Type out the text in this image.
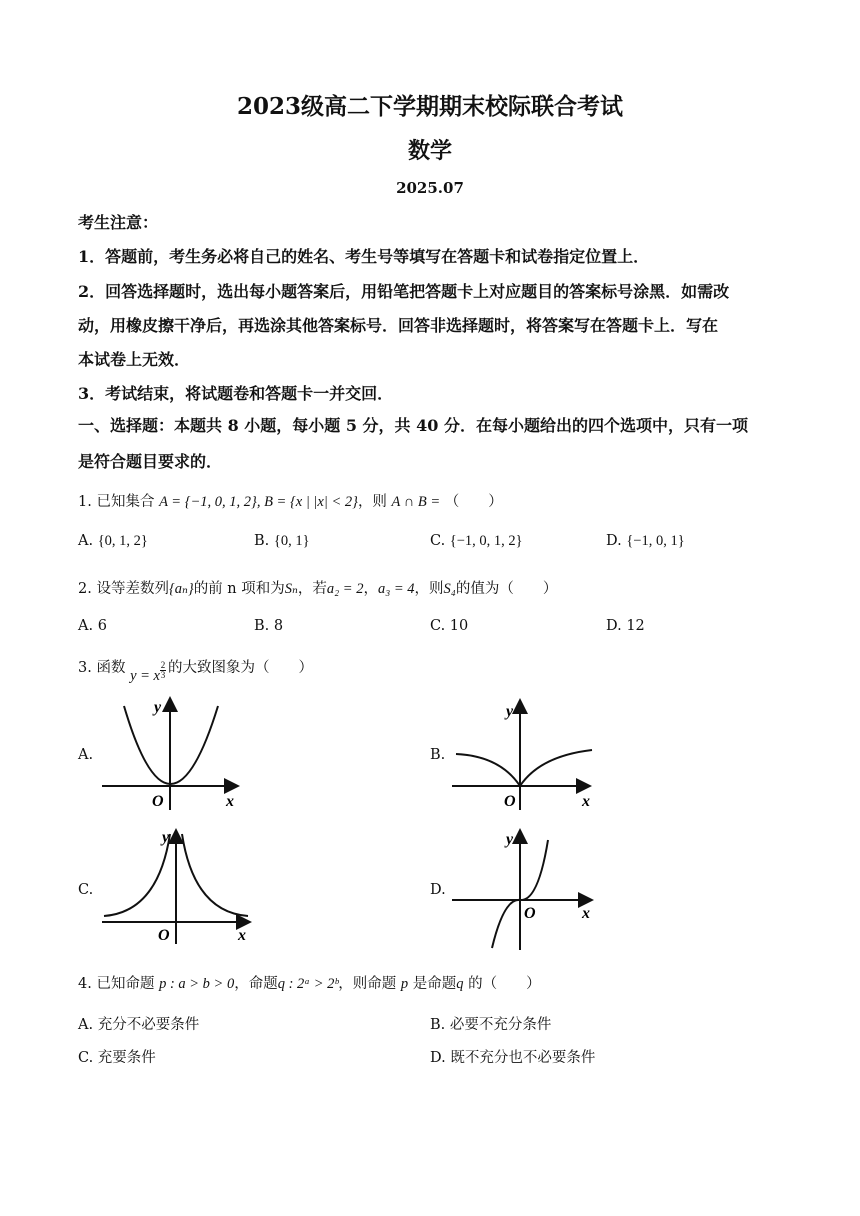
2023级高二下学期期末校际联合考试
数学
2025.07
考生注意：
1．答题前，考生务必将自己的姓名、考生号等填写在答题卡和试卷指定位置上．
2．回答选择题时，选出每小题答案后，用铅笔把答题卡上对应题目的答案标号涂黑．如需改
动，用橡皮擦干净后，再选涂其他答案标号．回答非选择题时，将答案写在答题卡上．写在
本试卷上无效．
3．考试结束，将试题卷和答题卡一并交回．
一、选择题：本题共 8 小题，每小题 5 分，共 40 分．在每小题给出的四个选项中，只有一项
是符合题目要求的．
1. 已知集合 A = {−1, 0, 1, 2}, B = {x | |x| < 2}，则 A ∩ B = （　　）
A. {0, 1, 2}	B. {0, 1}	C. {−1, 0, 1, 2}	D. {−1, 0, 1}
2. 设等差数列{aₙ}的前 n 项和为Sₙ，若a₂ = 2，a₃ = 4，则S₄的值为（　　）
A. 6	B. 8	C. 10	D. 12
3. 函数 y = x $\frac{2}{3}$ 的大致图象为（　　）
A.	B.
C.	D.
x
y
O	x
y
O
x
y
O
x
y
O
4. 已知命题 p : a > b > 0，命题q : 2ᵃ > 2ᵇ，则命题 p 是命题q 的（　　）
A. 充分不必要条件	B. 必要不充分条件
C. 充要条件	D. 既不充分也不必要条件
